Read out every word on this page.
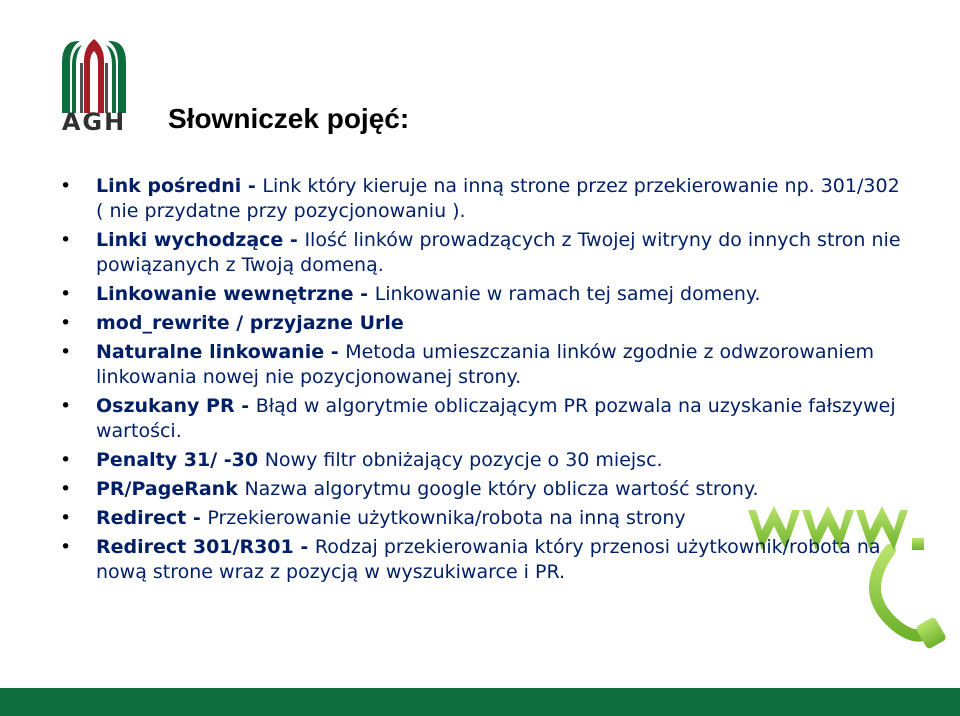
AGH Słowniczek pojęć:
• Link pośredni - Link który kieruje na inną strone przez przekierowanie np. 301/302 ( nie przydatne przy pozycjonowaniu ).
• Linki wychodzące - Ilość linków prowadzących z Twojej witryny do innych stron nie powiązanych z Twoją domeną.
• Linkowanie wewnętrzne - Linkowanie w ramach tej samej domeny.
• mod_rewrite / przyjazne Urle
• Naturalne linkowanie - Metoda umieszczania linków zgodnie z odwzorowaniem linkowania nowej nie pozycjonowanej strony.
• Oszukany PR - Błąd w algorytmie obliczającym PR pozwala na uzyskanie fałszywej wartości.
• Penalty 31/ -30 Nowy filtr obniżający pozycje o 30 miejsc.
• PR/PageRank Nazwa algorytmu google który oblicza wartość strony.
• Redirect - Przekierowanie użytkownika/robota na inną strony
• Redirect 301/R301 - Rodzaj przekierowania który przenosi użytkownik/robota na nową strone wraz z pozycją w wyszukiwarce i PR.
